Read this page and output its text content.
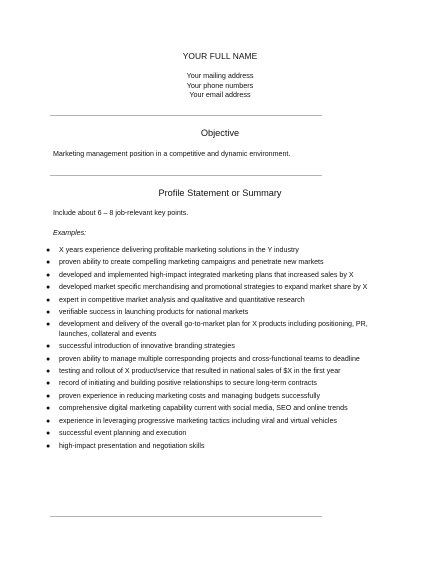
YOUR FULL NAME
Your mailing address
Your phone numbers
Your email address
Objective
Marketing management position in a competitive and dynamic environment.
Profile Statement or Summary
Include about 6 – 8 job-relevant key points.
Examples:
● X years experience delivering profitable marketing solutions in the Y industry
● proven ability to create compelling marketing campaigns and penetrate new markets
● developed and implemented high-impact integrated marketing plans that increased sales by X
● developed market specific merchandising and promotional strategies to expand market share by X
● expert in competitive market analysis and qualitative and quantitative research
● verifiable success in launching products for national markets
● development and delivery of the overall go-to-market plan for X products including positioning, PR, launches, collateral and events
● successful introduction of innovative branding strategies
● proven ability to manage multiple corresponding projects and cross-functional teams to deadline
● testing and rollout of X product/service that resulted in national sales of $X in the first year
● record of initiating and building positive relationships to secure long-term contracts
● proven experience in reducing marketing costs and managing budgets successfully
● comprehensive digital marketing capability current with social media, SEO and online trends
● experience in leveraging progressive marketing tactics including viral and virtual vehicles
● successful event planning and execution
● high-impact presentation and negotiation skills
